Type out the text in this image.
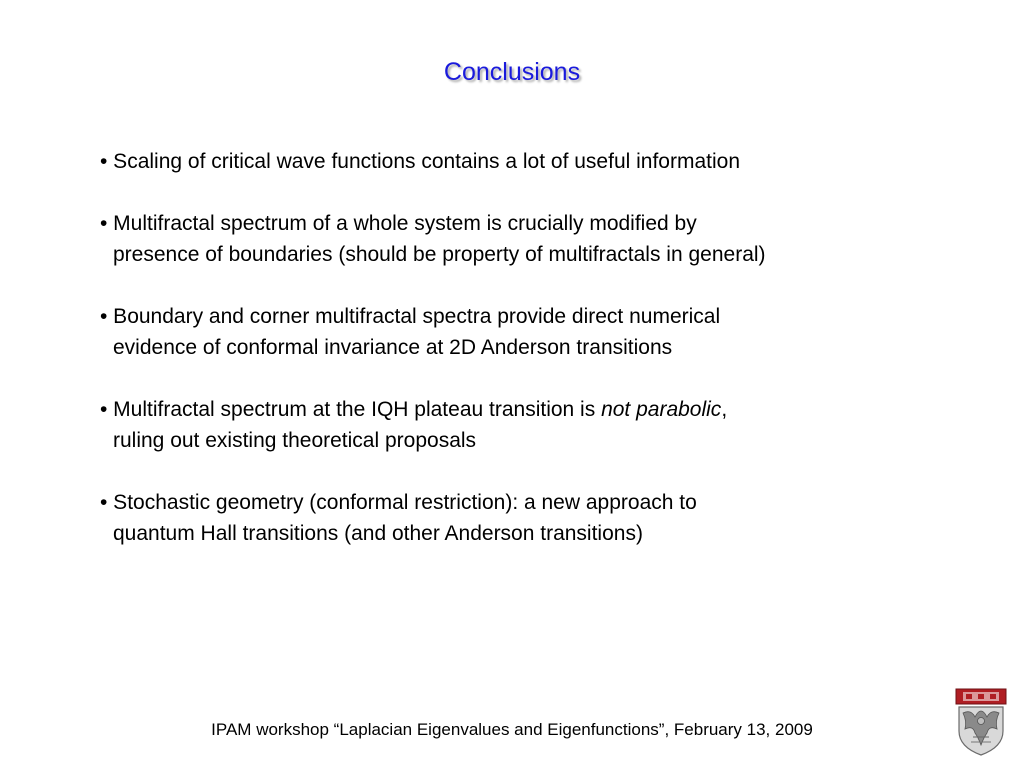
Conclusions
• Scaling of critical wave functions contains a lot of useful information
• Multifractal spectrum of a whole system is crucially modified by
presence of boundaries (should be property of multifractals in general)
• Boundary and corner multifractal spectra provide direct numerical
evidence of conformal invariance at 2D Anderson transitions
• Multifractal spectrum at the IQH plateau transition is not parabolic,
ruling out existing theoretical proposals
• Stochastic geometry (conformal restriction): a new approach to
quantum Hall transitions (and other Anderson transitions)
IPAM workshop “Laplacian Eigenvalues and Eigenfunctions”, February 13, 2009
